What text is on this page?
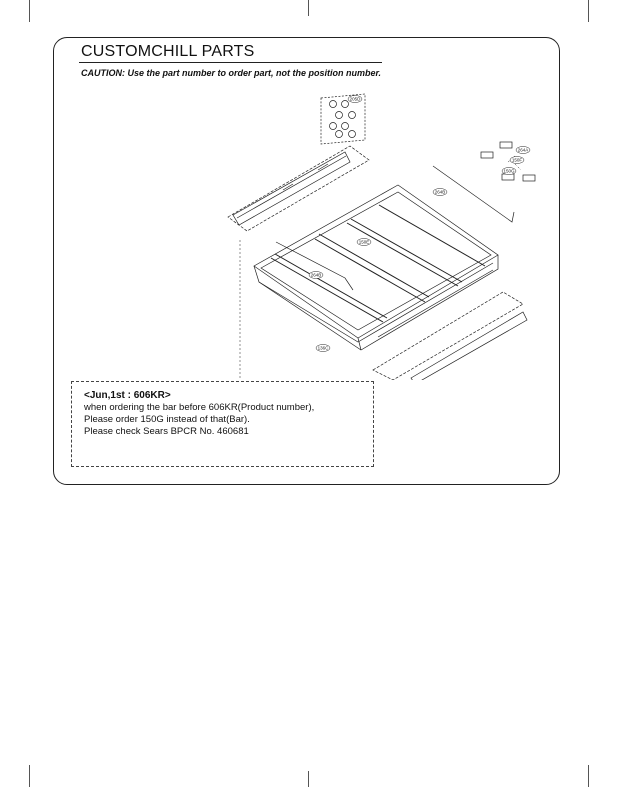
CUSTOMCHILL PARTS
CAUTION: Use the part number to order part, not the position number.
205D
264A
150F
150G
264B
150E
264B
136C
<Jun,1st : 606KR>
when ordering the bar before 606KR(Product number),
Please order 150G instead of that(Bar).
Please check Sears BPCR No. 460681
